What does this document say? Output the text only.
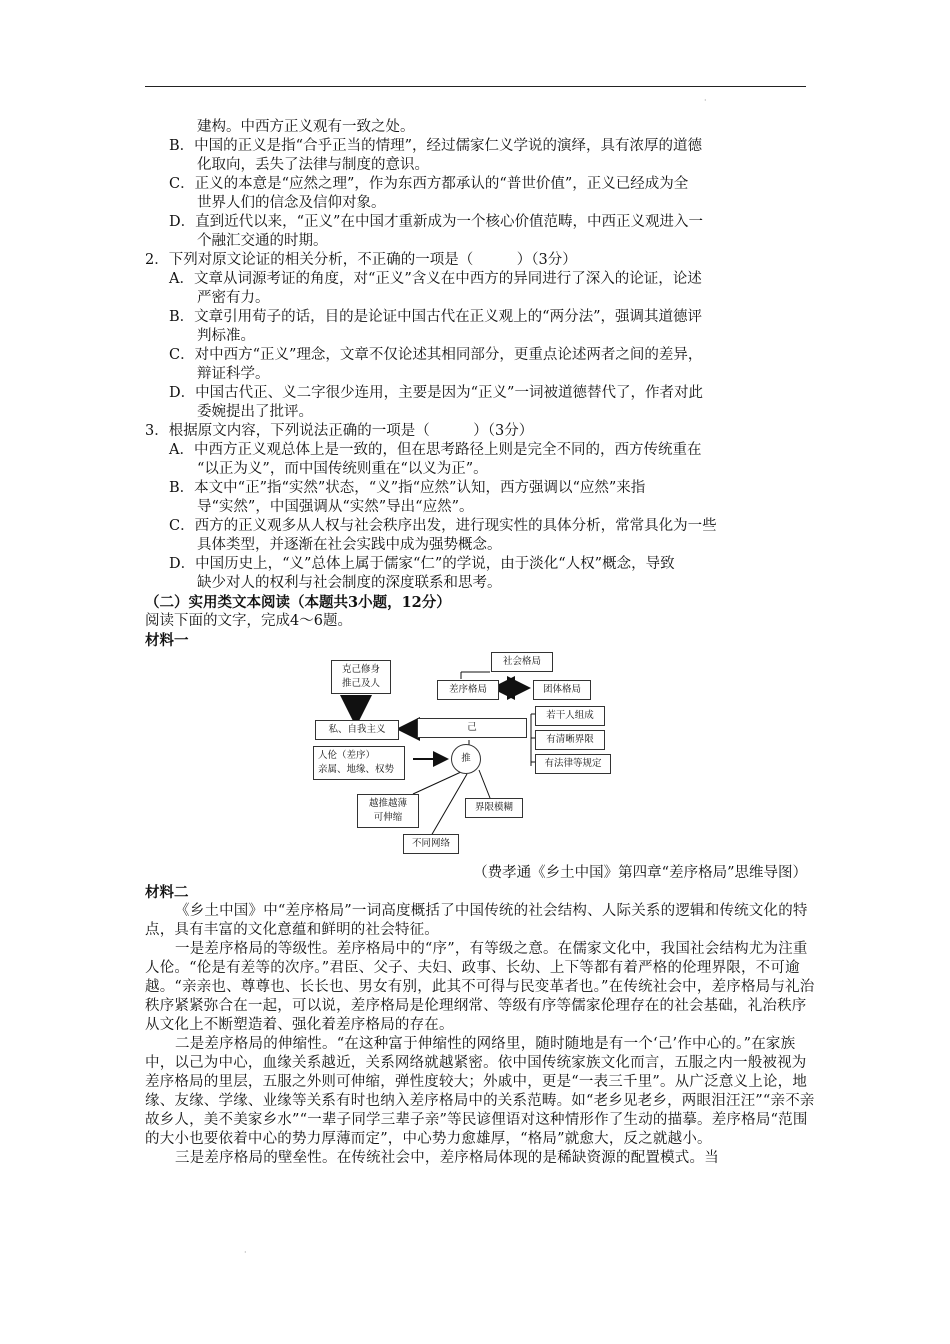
·
·
建构。中西方正义观有一致之处。
B．中国的正义是指“合乎正当的情理”，经过儒家仁义学说的演绎，具有浓厚的道德
化取向，丢失了法律与制度的意识。
C．正义的本意是“应然之理”，作为东西方都承认的“普世价值”，正义已经成为全
世界人们的信念及信仰对象。
D．直到近代以来，“正义”在中国才重新成为一个核心价值范畴，中西正义观进入一
个融汇交通的时期。
2．下列对原文论证的相关分析，不正确的一项是（　　　）（3分）
A．文章从词源考证的角度，对“正义”含义在中西方的异同进行了深入的论证，论述
严密有力。
B．文章引用荀子的话，目的是论证中国古代在正义观上的“两分法”，强调其道德评
判标准。
C．对中西方“正义”理念，文章不仅论述其相同部分，更重点论述两者之间的差异，
辩证科学。
D．中国古代正、义二字很少连用，主要是因为“正义”一词被道德替代了，作者对此
委婉提出了批评。
3．根据原文内容，下列说法正确的一项是（　　　）（3分）
A．中西方正义观总体上是一致的，但在思考路径上则是完全不同的，西方传统重在
“以正为义”，而中国传统则重在“以义为正”。
B．本文中“正”指“实然”状态，“义”指“应然”认知，西方强调以“应然”来指
导“实然”，中国强调从“实然”导出“应然”。
C．西方的正义观多从人权与社会秩序出发，进行现实性的具体分析，常常具化为一些
具体类型，并逐渐在社会实践中成为强势概念。
D．中国历史上，“义”总体上属于儒家“仁”的学说，由于淡化“人权”概念，导致
缺少对人的权利与社会制度的深度联系和思考。
（二）实用类文本阅读（本题共3小题，12分）
阅读下面的文字，完成4～6题。
材料一
克己修身
推己及人
社会格局
差序格局	团体格局
若干人组成
有清晰界限
有法律等规定
私、自我主义	己
人伦（差序）
亲属、地缘、权势
推
越推越薄
可伸缩
界限模糊
不同网络
（费孝通《乡土中国》第四章“差序格局”思维导图）
材料二
《乡土中国》中“差序格局”一词高度概括了中国传统的社会结构、人际关系的逻辑和传统文化的特点，具有丰富的文化意蕴和鲜明的社会特征。
一是差序格局的等级性。差序格局中的“序”，有等级之意。在儒家文化中，我国社会结构尤为注重人伦。“伦是有差等的次序。”君臣、父子、夫妇、政事、长幼、上下等都有着严格的伦理界限，不可逾越。“亲亲也、尊尊也、长长也、男女有别，此其不可得与民变革者也。”在传统社会中，差序格局与礼治秩序紧紧弥合在一起，可以说，差序格局是伦理纲常、等级有序等儒家伦理存在的社会基础，礼治秩序从文化上不断塑造着、强化着差序格局的存在。
二是差序格局的伸缩性。“在这种富于伸缩性的网络里，随时随地是有一个‘己’作中心的。”在家族中，以己为中心，血缘关系越近，关系网络就越紧密。依中国传统家族文化而言，五服之内一般被视为差序格局的里层，五服之外则可伸缩，弹性度较大；外戚中，更是“一表三千里”。从广泛意义上论，地缘、友缘、学缘、业缘等关系有时也纳入差序格局中的关系范畴。如“老乡见老乡，两眼泪汪汪”“亲不亲故乡人，美不美家乡水”“一辈子同学三辈子亲”等民谚俚语对这种情形作了生动的描摹。差序格局“范围的大小也要依着中心的势力厚薄而定”，中心势力愈雄厚，“格局”就愈大，反之就越小。
三是差序格局的壁垒性。在传统社会中，差序格局体现的是稀缺资源的配置模式。当
